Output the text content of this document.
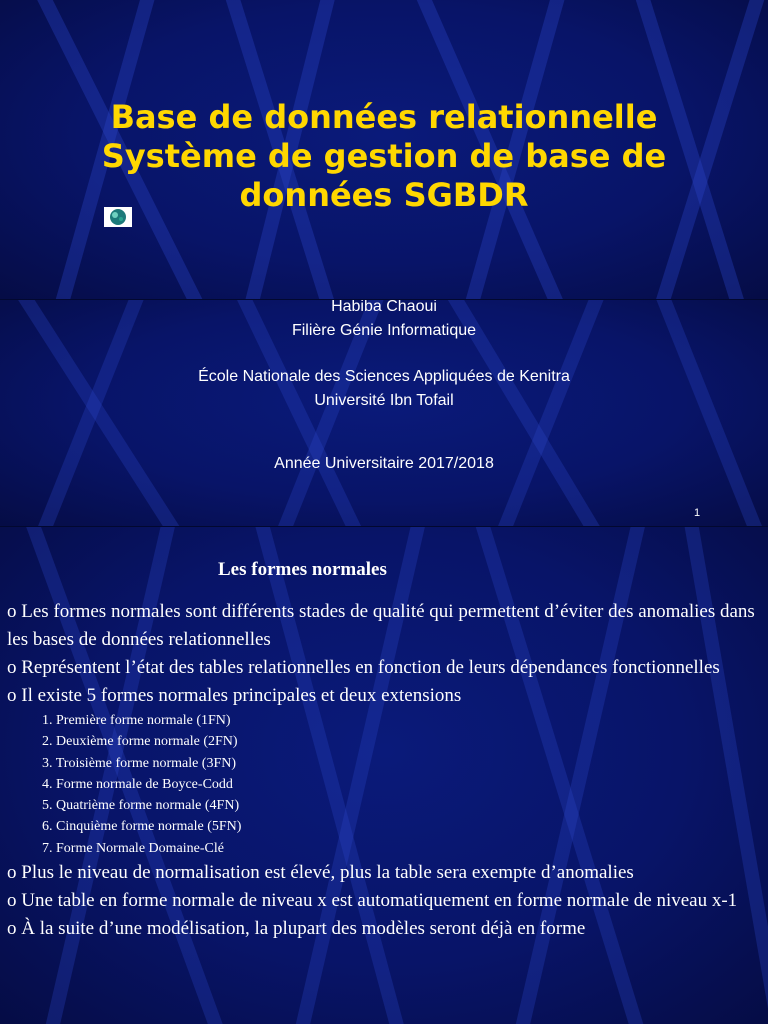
Base de données relationnelle
Système de gestion de base de
données SGBDR
Habiba Chaoui
Filière Génie Informatique
École Nationale des Sciences Appliquées de Kenitra
Université Ibn Tofail
Année Universitaire 2017/2018
1
Les formes normales

o Les formes normales sont différents stades de qualité qui permettent d’éviter des anomalies dans les bases de données relationnelles

o Représentent l’état des tables relationnelles en fonction de leurs dépendances fonctionnelles

o Il existe 5 formes normales principales et deux extensions

1. Première forme normale (1FN)

2. Deuxième forme normale (2FN)

3. Troisième forme normale (3FN)

4. Forme normale de Boyce-Codd

5. Quatrième forme normale (4FN)

6. Cinquième forme normale (5FN)

7. Forme Normale Domaine-Clé

o Plus le niveau de normalisation est élevé, plus la table sera exempte d’anomalies

o Une table en forme normale de niveau x est automatiquement en forme normale de niveau x-1

o À la suite d’une modélisation, la plupart des modèles seront déjà en forme
